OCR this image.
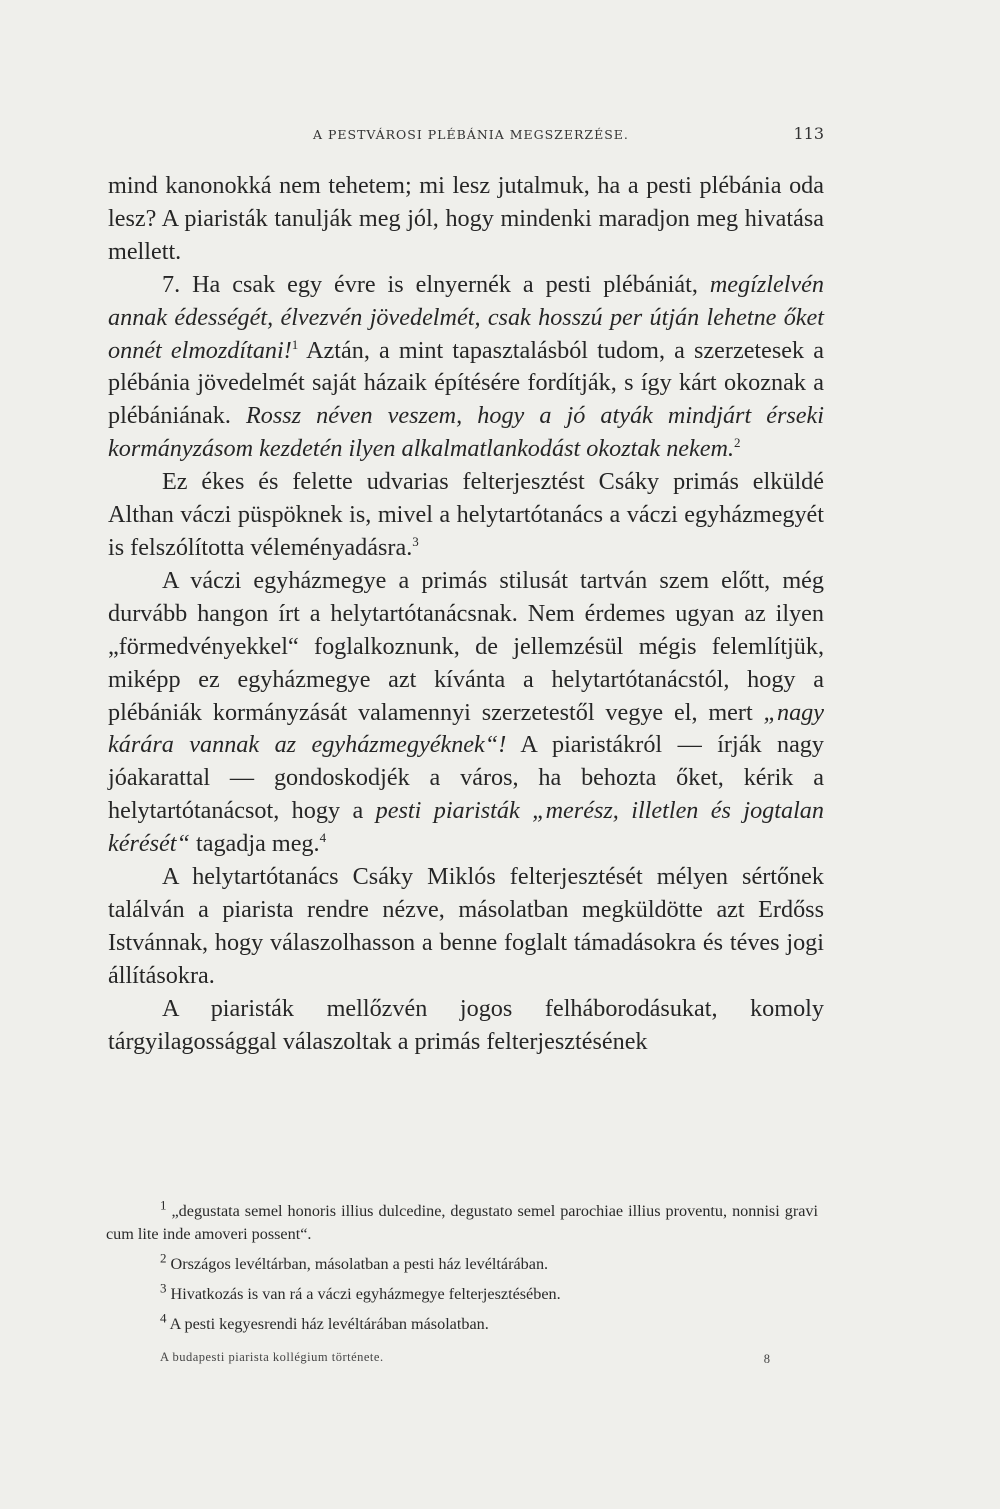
A PESTVÁROSI PLÉBÁNIA MEGSZERZÉSE.	113

mind kanonokká nem tehetem; mi lesz jutalmuk, ha a pesti plébánia oda lesz? A piaristák tanulják meg jól, hogy mindenki maradjon meg hivatása mellett.

7. Ha csak egy évre is elnyernék a pesti plébániát, megízlelvén annak édességét, élvezvén jövedelmét, csak hosszú per útján lehetne őket onnét elmozdítani!$^1$ Aztán, a mint tapasztalásból tudom, a szerzetesek a plébánia jövedelmét saját házaik építésére fordítják, s így kárt okoznak a plébániának. Rossz néven veszem, hogy a jó atyák mindjárt érseki kormányzásom kezdetén ilyen alkalmatlankodást okoztak nekem.$^2$

Ez ékes és felette udvarias felterjesztést Csáky primás elküldé Althan váczi püspöknek is, mivel a helytartótanács a váczi egyházmegyét is felszólította véleményadásra.$^3$

A váczi egyházmegye a primás stilusát tartván szem előtt, még durvább hangon írt a helytartótanácsnak. Nem érdemes ugyan az ilyen „förmedvényekkel“ foglalkoznunk, de jellemzésül mégis felemlítjük, miképp ez egyházmegye azt kívánta a helytartótanácstól, hogy a plébániák kormányzását valamennyi szerzetestől vegye el, mert „nagy kárára vannak az egyházmegyéknek“! A piaristákról — írják nagy jóakarattal — gondoskodjék a város, ha behozta őket, kérik a helytartótanácsot, hogy a pesti piaristák „merész, illetlen és jogtalan kérését“ tagadja meg.$^4$

A helytartótanács Csáky Miklós felterjesztését mélyen sértőnek találván a piarista rendre nézve, másolatban megküldötte azt Erdőss Istvánnak, hogy válaszolhasson a benne foglalt támadásokra és téves jogi állításokra.

A piaristák mellőzvén jogos felháborodásukat, komoly tárgyilagossággal válaszoltak a primás felterjesztésének

$^1$ „degustata semel honoris illius dulcedine, degustato semel parochiae illius proventu, nonnisi gravi cum lite inde amoveri possent“.

$^2$ Országos levéltárban, másolatban a pesti ház levéltárában.

$^3$ Hivatkozás is van rá a váczi egyházmegye felterjesztésében.

$^4$ A pesti kegyesrendi ház levéltárában másolatban.

A budapesti piarista kollégium története.	8
